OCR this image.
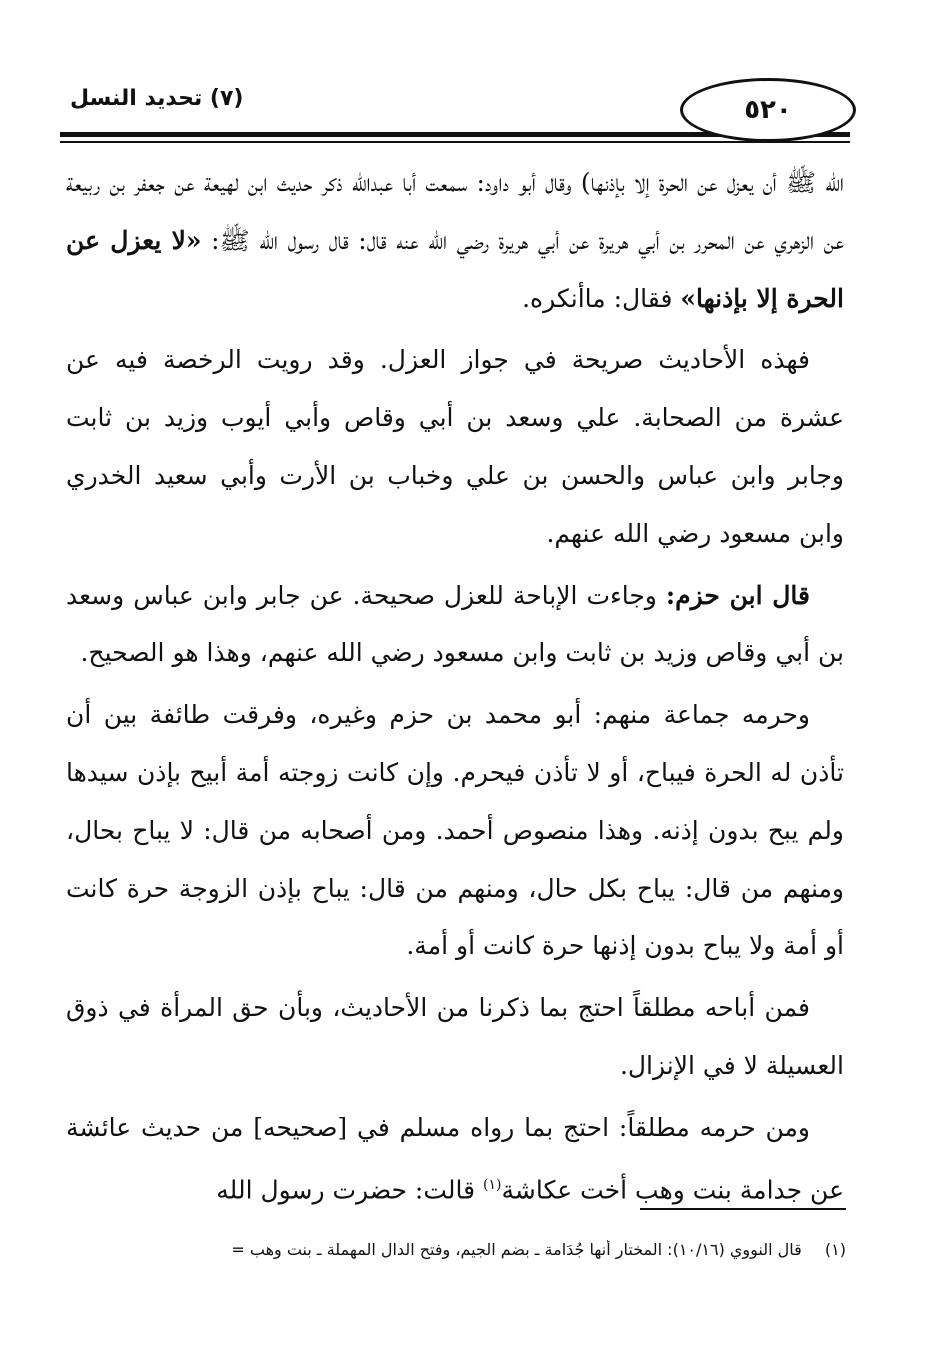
(٧) تحديد النسل	٥٢٠

الله ﷺ أن يعزل عن الحرة إلا بإذنها) وقال أبو داود: سمعت أبا عبدالله ذكر حديث ابن لهيعة عن جعفر بن ربيعة عن الزهري عن المحرر بن أبي هريرة عن أبي هريرة رضي الله عنه قال: قال رسول الله ﷺ: «لا يعزل عن الحرة إلا بإذنها» فقال: ماأنكره.

فهذه الأحاديث صريحة في جواز العزل. وقد رويت الرخصة فيه عن عشرة من الصحابة. علي وسعد بن أبي وقاص وأبي أيوب وزيد بن ثابت وجابر وابن عباس والحسن بن علي وخباب بن الأرت وأبي سعيد الخدري وابن مسعود رضي الله عنهم.

قال ابن حزم: وجاءت الإباحة للعزل صحيحة. عن جابر وابن عباس وسعد بن أبي وقاص وزيد بن ثابت وابن مسعود رضي الله عنهم، وهذا هو الصحيح.

وحرمه جماعة منهم: أبو محمد بن حزم وغيره، وفرقت طائفة بين أن تأذن له الحرة فيباح، أو لا تأذن فيحرم. وإن كانت زوجته أمة أبيح بإذن سيدها ولم يبح بدون إذنه. وهذا منصوص أحمد. ومن أصحابه من قال: لا يباح بحال، ومنهم من قال: يباح بكل حال، ومنهم من قال: يباح بإذن الزوجة حرة كانت أو أمة ولا يباح بدون إذنها حرة كانت أو أمة.

فمن أباحه مطلقاً احتج بما ذكرنا من الأحاديث، وبأن حق المرأة في ذوق العسيلة لا في الإنزال.

ومن حرمه مطلقاً: احتج بما رواه مسلم في [صحيحه] من حديث عائشة عن جدامة بنت وهب أخت عكاشة$^{(١)}$ قالت: حضرت رسول الله

(١) قال النووي (١٠/١٦): المختار أنها جُدَامة ـ بضم الجيم، وفتح الدال المهملة ـ بنت وهب =
